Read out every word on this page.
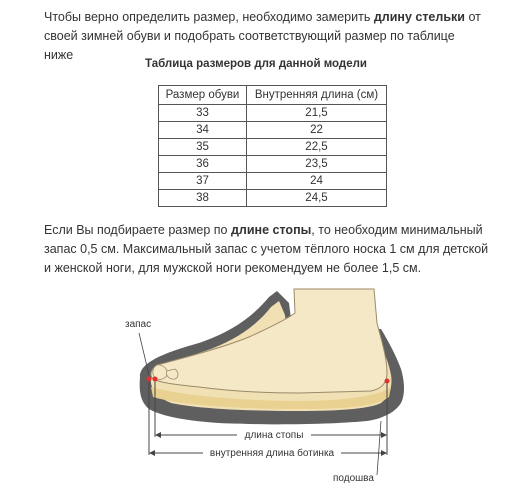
Чтобы верно определить размер, необходимо замерить длину стельки от своей зимней обуви и подобрать соответствующий размер по таблице ниже

Таблица размеров для данной модели
Размер обуви	Внутренняя длина (см)
33	21,5
34	22
35	22,5
36	23,5
37	24
38	24,5

Если Вы подбираете размер по длине стопы, то необходим минимальный запас 0,5 см. Максимальный запас с учетом тёплого носка 1 см для детской и женской ноги, для мужской ноги рекомендуем не более 1,5 см.

запас
длина стопы
внутренняя длина ботинка
подошва
